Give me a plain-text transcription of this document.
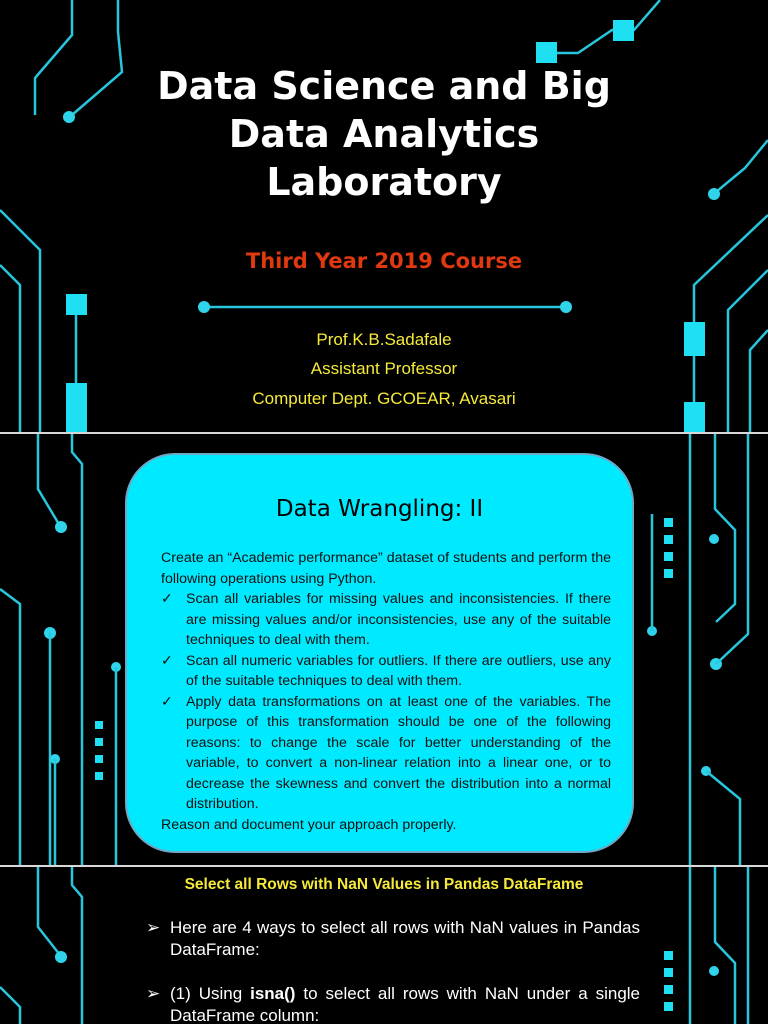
Data Science and Big
Data Analytics
Laboratory
Third Year 2019 Course
Prof.K.B.Sadafale
Assistant Professor
Computer Dept. GCOEAR, Avasari
Data Wrangling: II

Create an “Academic performance” dataset of students and perform the following operations using Python.

✓ Scan all variables for missing values and inconsistencies. If there are missing values and/or inconsistencies, use any of the suitable techniques to deal with them.
✓ Scan all numeric variables for outliers. If there are outliers, use any of the suitable techniques to deal with them.
✓ Apply data transformations on at least one of the variables. The purpose of this transformation should be one of the following reasons: to change the scale for better understanding of the variable, to convert a non-linear relation into a linear one, or to decrease the skewness and convert the distribution into a normal distribution.

Reason and document your approach properly.

Select all Rows with NaN Values in Pandas DataFrame
➢ Here are 4 ways to select all rows with NaN values in Pandas DataFrame:
➢ (1) Using isna() to select all rows with NaN under a single DataFrame column:
